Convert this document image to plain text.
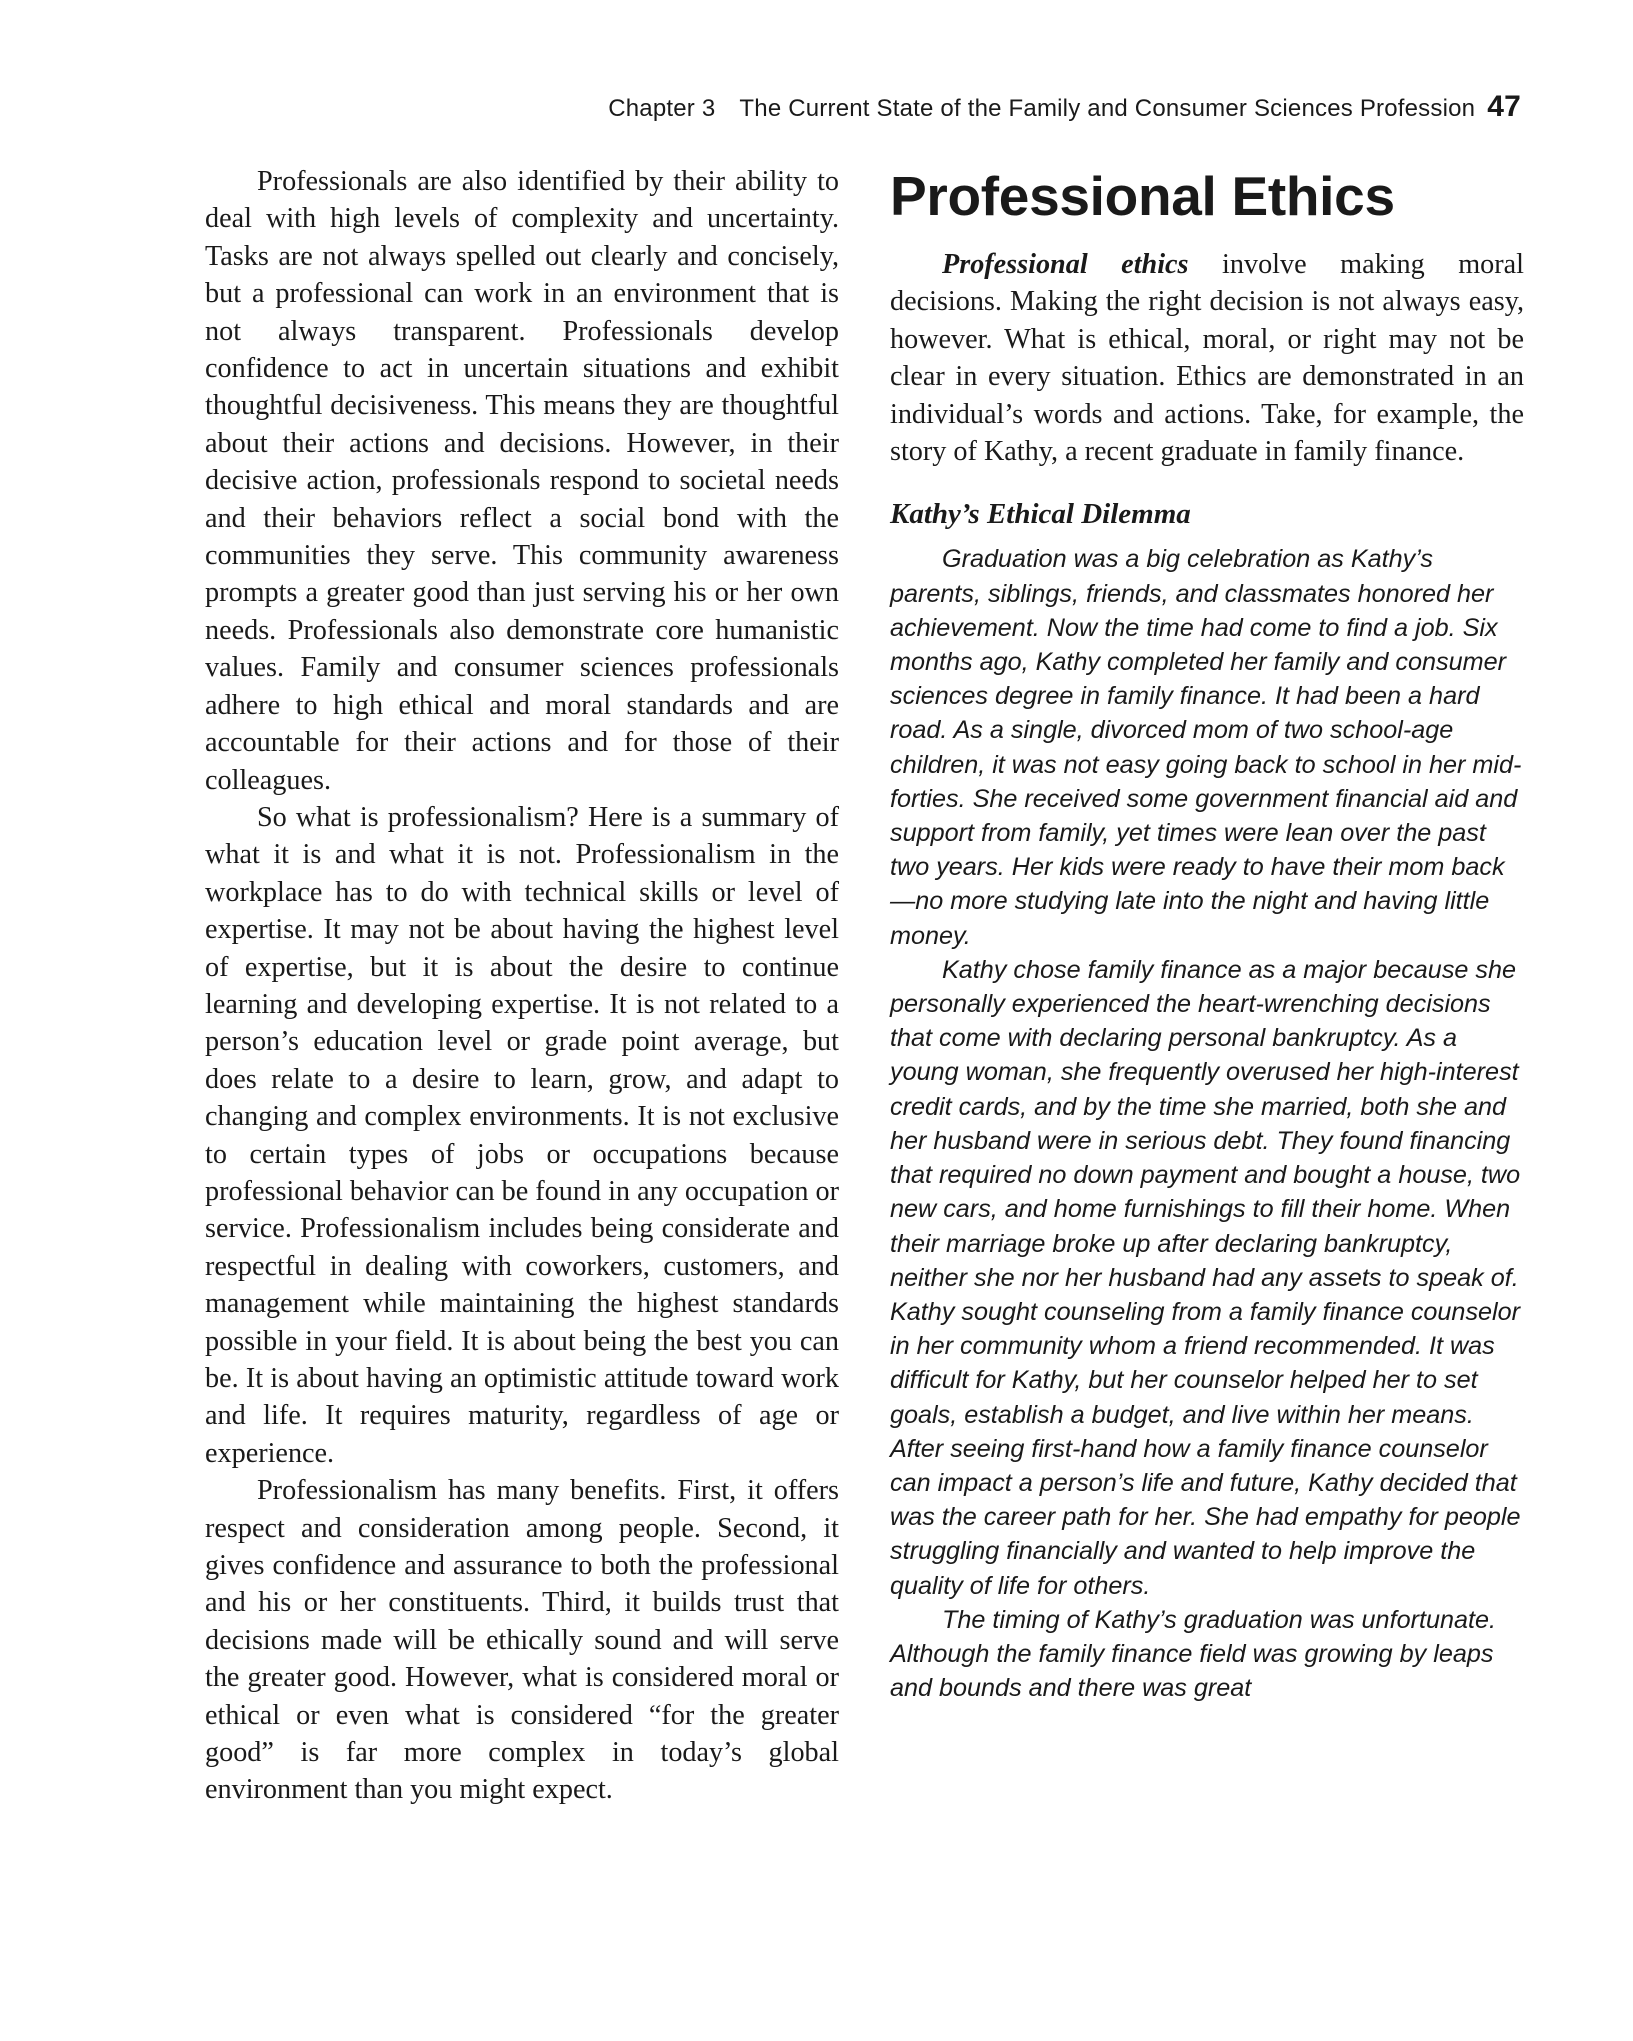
Chapter 3 The Current State of the Family and Consumer Sciences Profession 47

Professionals are also identified by their ability to deal with high levels of complexity and uncertainty. Tasks are not always spelled out clearly and concisely, but a professional can work in an environment that is not always transparent. Professionals develop confidence to act in uncertain situations and exhibit thoughtful decisiveness. This means they are thoughtful about their actions and decisions. However, in their decisive action, professionals respond to societal needs and their behaviors reflect a social bond with the communities they serve. This community awareness prompts a greater good than just serving his or her own needs. Professionals also demonstrate core humanistic values. Family and consumer sciences professionals adhere to high ethical and moral standards and are accountable for their actions and for those of their colleagues.

So what is professionalism? Here is a summary of what it is and what it is not. Professionalism in the workplace has to do with technical skills or level of expertise. It may not be about having the highest level of expertise, but it is about the desire to continue learning and developing expertise. It is not related to a person’s education level or grade point average, but does relate to a desire to learn, grow, and adapt to changing and complex environments. It is not exclusive to certain types of jobs or occupations because professional behavior can be found in any occupation or service. Professionalism includes being considerate and respectful in dealing with coworkers, customers, and management while maintaining the highest standards possible in your field. It is about being the best you can be. It is about having an optimistic attitude toward work and life. It requires maturity, regardless of age or experience.

Professionalism has many benefits. First, it offers respect and consideration among people. Second, it gives confidence and assurance to both the professional and his or her constituents. Third, it builds trust that decisions made will be ethically sound and will serve the greater good. However, what is considered moral or ethical or even what is considered “for the greater good” is far more complex in today’s global environment than you might expect.

Professional Ethics

Professional ethics involve making moral decisions. Making the right decision is not always easy, however. What is ethical, moral, or right may not be clear in every situation. Ethics are demonstrated in an individual’s words and actions. Take, for example, the story of Kathy, a recent graduate in family finance.

Kathy’s Ethical Dilemma

Graduation was a big celebration as Kathy’s parents, siblings, friends, and classmates honored her achievement. Now the time had come to find a job. Six months ago, Kathy completed her family and consumer sciences degree in family finance. It had been a hard road. As a single, divorced mom of two school-age children, it was not easy going back to school in her mid-forties. She received some government financial aid and support from family, yet times were lean over the past two years. Her kids were ready to have their mom back—no more studying late into the night and having little money.

Kathy chose family finance as a major because she personally experienced the heart-wrenching decisions that come with declaring personal bankruptcy. As a young woman, she frequently overused her high-interest credit cards, and by the time she married, both she and her husband were in serious debt. They found financing that required no down payment and bought a house, two new cars, and home furnishings to fill their home. When their marriage broke up after declaring bankruptcy, neither she nor her husband had any assets to speak of. Kathy sought counseling from a family finance counselor in her community whom a friend recommended. It was difficult for Kathy, but her counselor helped her to set goals, establish a budget, and live within her means. After seeing first-hand how a family finance counselor can impact a person’s life and future, Kathy decided that was the career path for her. She had empathy for people struggling financially and wanted to help improve the quality of life for others.

The timing of Kathy’s graduation was unfortunate. Although the family finance field was growing by leaps and bounds and there was great
